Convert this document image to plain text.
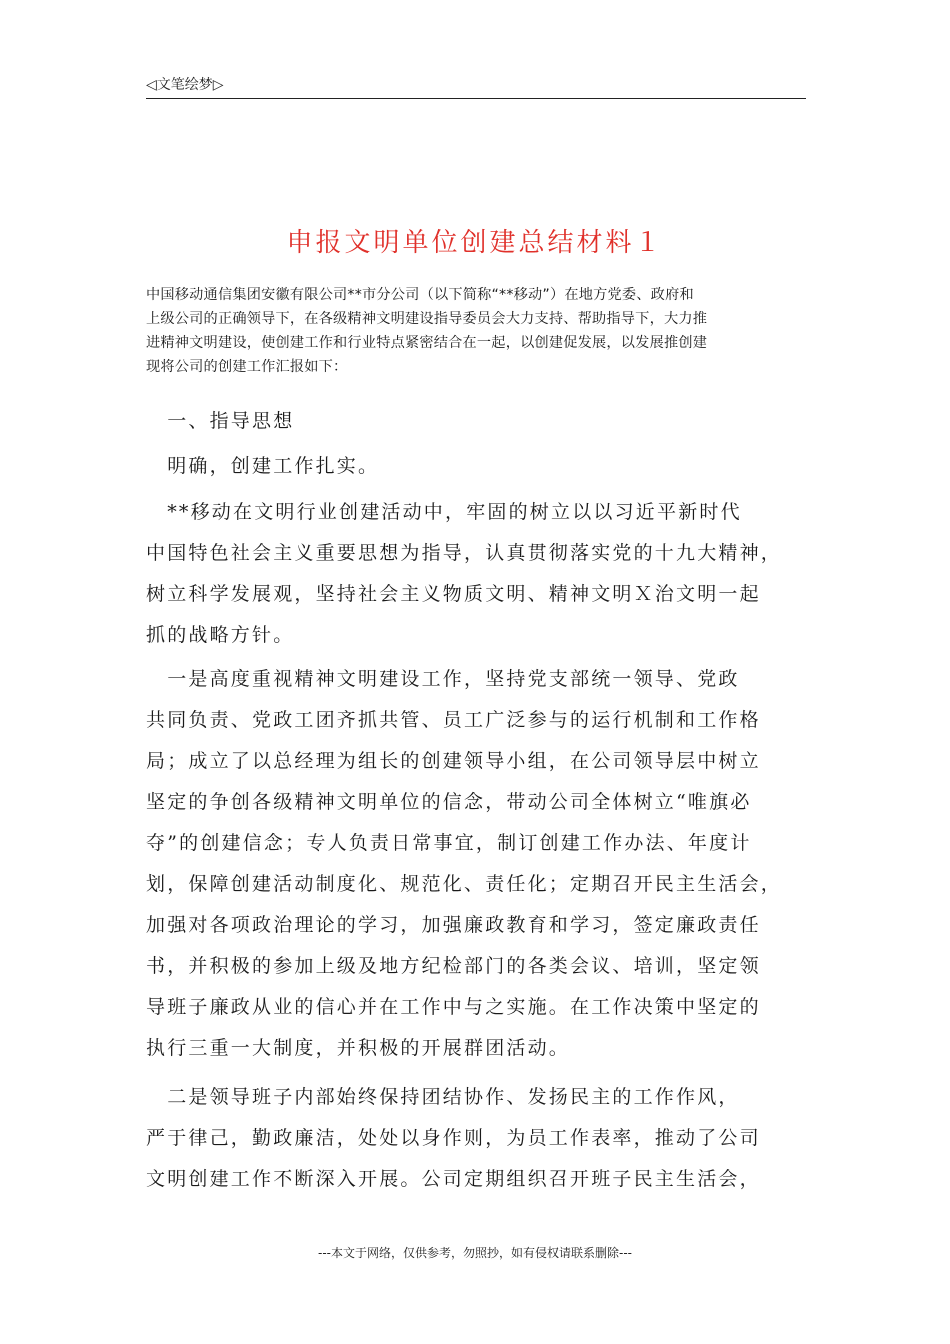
◁文笔绘梦▷
申报文明单位创建总结材料１
中国移动通信集团安徽有限公司**市分公司（以下简称“**移动”）在地方党委、政府和
上级公司的正确领导下，在各级精神文明建设指导委员会大力支持、帮助指导下，大力推
进精神文明建设，使创建工作和行业特点紧密结合在一起，以创建促发展，以发展推创建
现将公司的创建工作汇报如下：
　一、指导思想
　明确，创建工作扎实。
　**移动在文明行业创建活动中，牢固的树立以以习近平新时代
中国特色社会主义重要思想为指导，认真贯彻落实党的十九大精神，
树立科学发展观，坚持社会主义物质文明、精神文明Ｘ治文明一起
抓的战略方针。
　一是高度重视精神文明建设工作，坚持党支部统一领导、党政
共同负责、党政工团齐抓共管、员工广泛参与的运行机制和工作格
局；成立了以总经理为组长的创建领导小组，在公司领导层中树立
坚定的争创各级精神文明单位的信念，带动公司全体树立“唯旗必
夺”的创建信念；专人负责日常事宜，制订创建工作办法、年度计
划，保障创建活动制度化、规范化、责任化；定期召开民主生活会，
加强对各项政治理论的学习，加强廉政教育和学习，签定廉政责任
书，并积极的参加上级及地方纪检部门的各类会议、培训，坚定领
导班子廉政从业的信心并在工作中与之实施。在工作决策中坚定的
执行三重一大制度，并积极的开展群团活动。
　二是领导班子内部始终保持团结协作、发扬民主的工作作风，
严于律己，勤政廉洁，处处以身作则，为员工作表率，推动了公司
文明创建工作不断深入开展。公司定期组织召开班子民主生活会，
---本文于网络，仅供参考，勿照抄，如有侵权请联系删除---
